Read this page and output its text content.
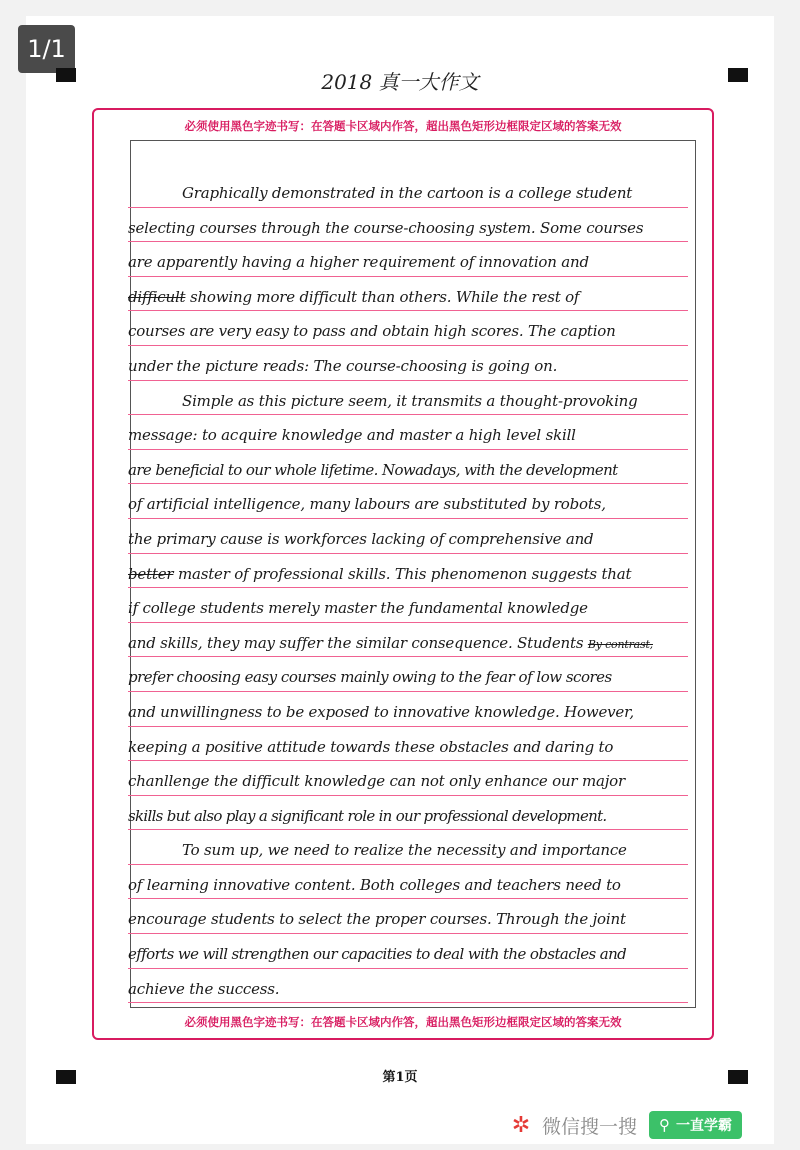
1/1
2018 真一大作文
必须使用黑色字迹书写：在答题卡区域内作答，超出黑色矩形边框限定区域的答案无效
必须使用黑色字迹书写：在答题卡区域内作答，超出黑色矩形边框限定区域的答案无效
Graphically demonstrated in the cartoon is a college student
selecting courses through the course-choosing system. Some courses
are apparently having a higher requirement of innovation and
difficult showing more difficult than others. While the rest of
courses are very easy to pass and obtain high scores. The caption
under the picture reads: The course-choosing is going on.
Simple as this picture seem, it transmits a thought-provoking
message: to acquire knowledge and master a high level skill
are beneficial to our whole lifetime. Nowadays, with the development
of artificial intelligence, many labours are substituted by robots,
the primary cause is workforces lacking of comprehensive and
better master of professional skills. This phenomenon suggests that
if college students merely master the fundamental knowledge
and skills, they may suffer the similar consequence. Students By contrast,
prefer choosing easy courses mainly owing to the fear of low scores
and unwillingness to be exposed to innovative knowledge. However,
keeping a positive attitude towards these obstacles and daring to
chanllenge the difficult knowledge can not only enhance our major
skills but also play a significant role in our professional development.
To sum up, we need to realize the necessity and importance
of learning innovative content. Both colleges and teachers need to
encourage students to select the proper courses. Through the joint
efforts we will strengthen our capacities to deal with the obstacles and
achieve the success.
第1页
✲ 微信搜一搜 ⚲ 一直学霸
